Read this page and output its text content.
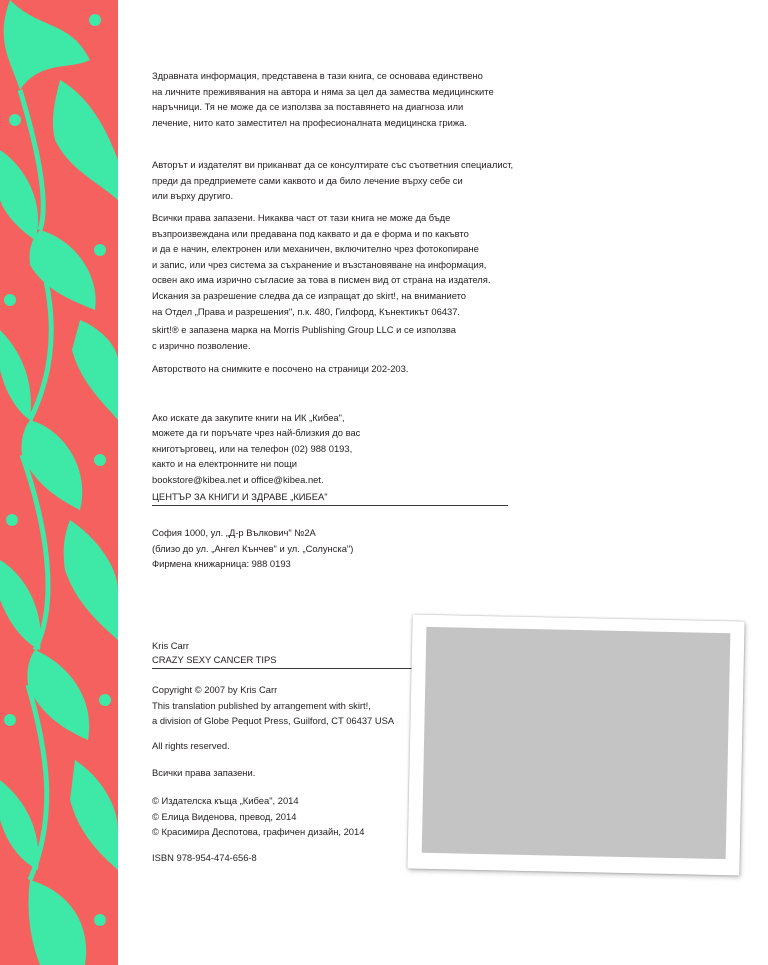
Здравната информация, представена в тази книга, се основава единствено
на личните преживявания на автора и няма за цел да замества медицинските
наръчници. Тя не може да се използва за поставянето на диагноза или
лечение, нито като заместител на професионалната медицинска грижа.
Авторът и издателят ви приканват да се консултирате със съответния специалист,
преди да предприемете сами каквото и да било лечение върху себе си
или върху другиго.
Всички права запазени. Никаква част от тази книга не може да бъде
възпроизвеждана или предавана под каквато и да е форма и по какъвто
и да е начин, електронен или механичен, включително чрез фотокопиране
и запис, или чрез система за съхранение и възстановяване на информация,
освен ако има изрично съгласие за това в писмен вид от страна на издателя.
Искания за разрешение следва да се изпращат до skirt!, на вниманието
на Отдел „Права и разрешения", п.к. 480, Гилфорд, Кънектикът 06437.
skirt!® е запазена марка на Morris Publishing Group LLC и се използва
с изрично позволение.
Авторството на снимките е посочено на страници 202-203.
Ако искате да закупите книги на ИК „Кибеа",
можете да ги поръчате чрез най-близкия до вас
книготърговец, или на телефон (02) 988 0193,
както и на електронните ни пощи
bookstore@kibea.net и office@kibea.net.
ЦЕНТЪР ЗА КНИГИ И ЗДРАВЕ „КИБЕА"
София 1000, ул. „Д-р Вълкович" №2А
(близо до ул. „Ангел Кънчев" и ул. „Солунска")
Фирмена книжарница: 988 0193
Kris Carr
CRAZY SEXY CANCER TIPS
Copyright © 2007 by Kris Carr
This translation published by arrangement with skirt!,
a division of Globe Pequot Press, Guilford, CT 06437 USA
All rights reserved.
Всички права запазени.
© Издателска къща „Кибеа", 2014
© Елица Виденова, превод, 2014
© Красимира Деспотова, графичен дизайн, 2014
ISBN 978-954-474-656-8
